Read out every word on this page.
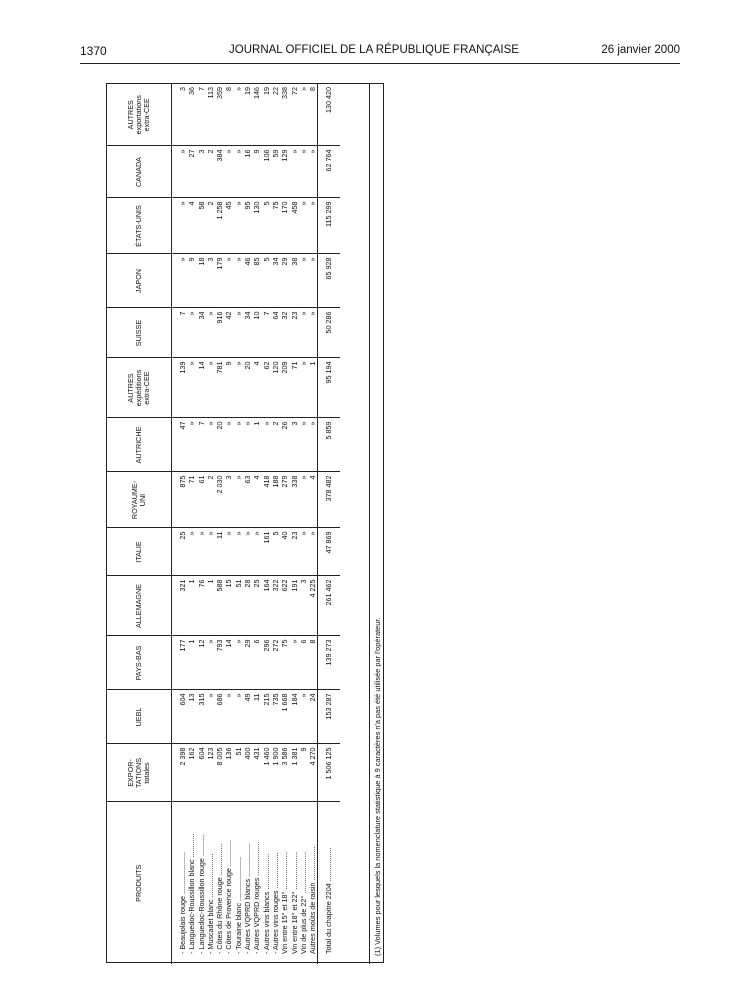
1370	JOURNAL OFFICIEL DE LA RÉPUBLIQUE FRANÇAISE	26 janvier 2000
PRODUITS	EXPOR-
TATIONS
totales	UEBL	PAYS-BAS	ALLEMAGNE	ITALIE	ROYAUME-
UNI	AUTRICHE	AUTRES
expéditions
extra-CEE	SUISSE	JAPON	ÉTATS-UNIS	CANADA	AUTRES
exportations
extra-CEE

- Beaujolais rouge .....................	2 398	604	177	321	25	875	47	139	7	»	»	»	3
- Languedoc-Roussillon blanc ............	162	13	1	1	»	71	»	»	»	9	4	27	36
- Languedoc-Roussillon rouge ...........	604	315	12	76	»	61	7	14	34	18	58	3	7
- Muscadet blanc ......................	123	»	»	1	»	2	»	»	»	3	2	2	113
- Côtes du Rhône rouge ................	8 005	686	793	588	11	2 030	20	781	916	179	1 258	384	359
- Côtes de Provence rouge .............	136	»	14	15	»	3	»	9	42	»	45	»	8
- Touraine blanc ......................	51	»	»	51	»	»	»	»	»	»	»	»	»
- Autres VQPRD blancs .................	400	49	29	28	»	63	»	20	34	46	95	16	19
- Autres VQPRD rouges .................	431	11	6	25	»	4	1	4	10	85	130	9	146
- Autres vins blancs ..................	1 460	215	296	164	161	418	»	62	7	5	5	106	19
- Autres vins rouges ..................	1 900	735	272	322	5	188	2	120	64	34	75	59	22
Vin entre 15° et 18° ...................	3 586	1 668	75	622	40	279	26	209	32	29	170	129	338
Vin entre 18° et 22° ...................	1 381	184	»	191	23	338	3	71	23	38	458	»	72
Vin de plus de 22° .....................	9	»	6	3	»	»	»	»	»	»	»	»	»
Autres moûts de raisin .................	4 270	24	8	4 225	»	4	»	1	»	»	»	»	8
Total du chapitre 2204 .................	1 506 125	153 287	139 273	261 462	47 869	378 482	5 859	95 194	50 286	65 928	115 299	62 764	130 420
(1) Volumes pour lesquels la nomenclature statistique à 9 caractères n'a pas été utilisée par l'opérateur.
